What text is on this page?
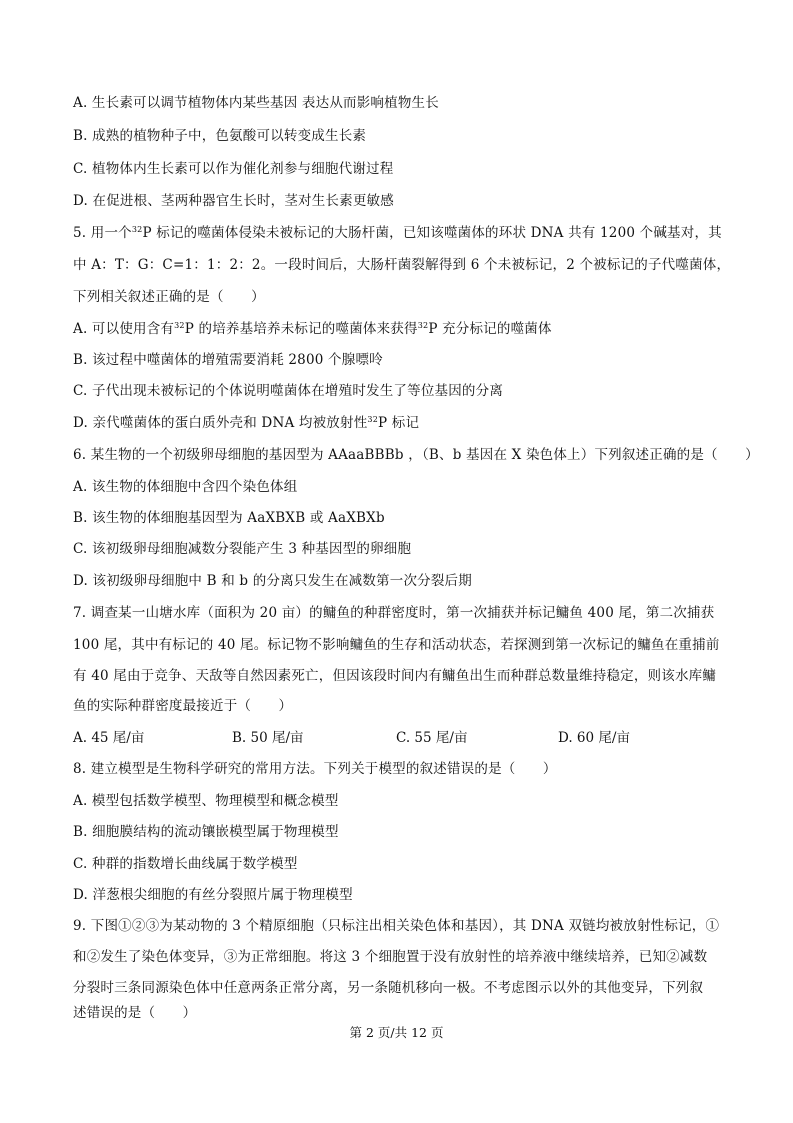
A. 生长素可以调节植物体内某些基因 表达从而影响植物生长
B. 成熟的植物种子中，色氨酸可以转变成生长素
C. 植物体内生长素可以作为催化剂参与细胞代谢过程
D. 在促进根、茎两种器官生长时，茎对生长素更敏感
5. 用一个$^{32}$P 标记的噬菌体侵染未被标记的大肠杆菌，已知该噬菌体的环状 DNA 共有 1200 个碱基对，其
中 A：T：G：C=1：1：2：2。一段时间后，大肠杆菌裂解得到 6 个未被标记，2 个被标记的子代噬菌体，
下列相关叙述正确的是（　　）
A. 可以使用含有$^{32}$P 的培养基培养未标记的噬菌体来获得$^{32}$P 充分标记的噬菌体
B. 该过程中噬菌体的增殖需要消耗 2800 个腺嘌呤
C. 子代出现未被标记的个体说明噬菌体在增殖时发生了等位基因的分离
D. 亲代噬菌体的蛋白质外壳和 DNA 均被放射性$^{32}$P 标记
6. 某生物的一个初级卵母细胞的基因型为 AAaaBBBb ，（B、b 基因在 X 染色体上）下列叙述正确的是（　　）
A. 该生物的体细胞中含四个染色体组
B. 该生物的体细胞基因型为 AaXBXB 或 AaXBXb
C. 该初级卵母细胞减数分裂能产生 3 种基因型的卵细胞
D. 该初级卵母细胞中 B 和 b 的分离只发生在减数第一次分裂后期
7. 调查某一山塘水库（面积为 20 亩）的鳙鱼的种群密度时，第一次捕获并标记鳙鱼 400 尾，第二次捕获
100 尾，其中有标记的 40 尾。标记物不影响鳙鱼的生存和活动状态，若探测到第一次标记的鳙鱼在重捕前
有 40 尾由于竞争、天敌等自然因素死亡，但因该段时间内有鳙鱼出生而种群总数量维持稳定，则该水库鳙
鱼的实际种群密度最接近于（　　）
A. 45 尾/亩	B. 50 尾/亩	C. 55 尾/亩	D. 60 尾/亩
8. 建立模型是生物科学研究的常用方法。下列关于模型的叙述错误的是（　　）
A. 模型包括数学模型、物理模型和概念模型
B. 细胞膜结构的流动镶嵌模型属于物理模型
C. 种群的指数增长曲线属于数学模型
D. 洋葱根尖细胞的有丝分裂照片属于物理模型
9. 下图①②③为某动物的 3 个精原细胞（只标注出相关染色体和基因），其 DNA 双链均被放射性标记，①
和②发生了染色体变异，③为正常细胞。将这 3 个细胞置于没有放射性的培养液中继续培养，已知②减数
分裂时三条同源染色体中任意两条正常分离，另一条随机移向一极。不考虑图示以外的其他变异，下列叙
述错误的是（　　）
第 2 页/共 12 页
